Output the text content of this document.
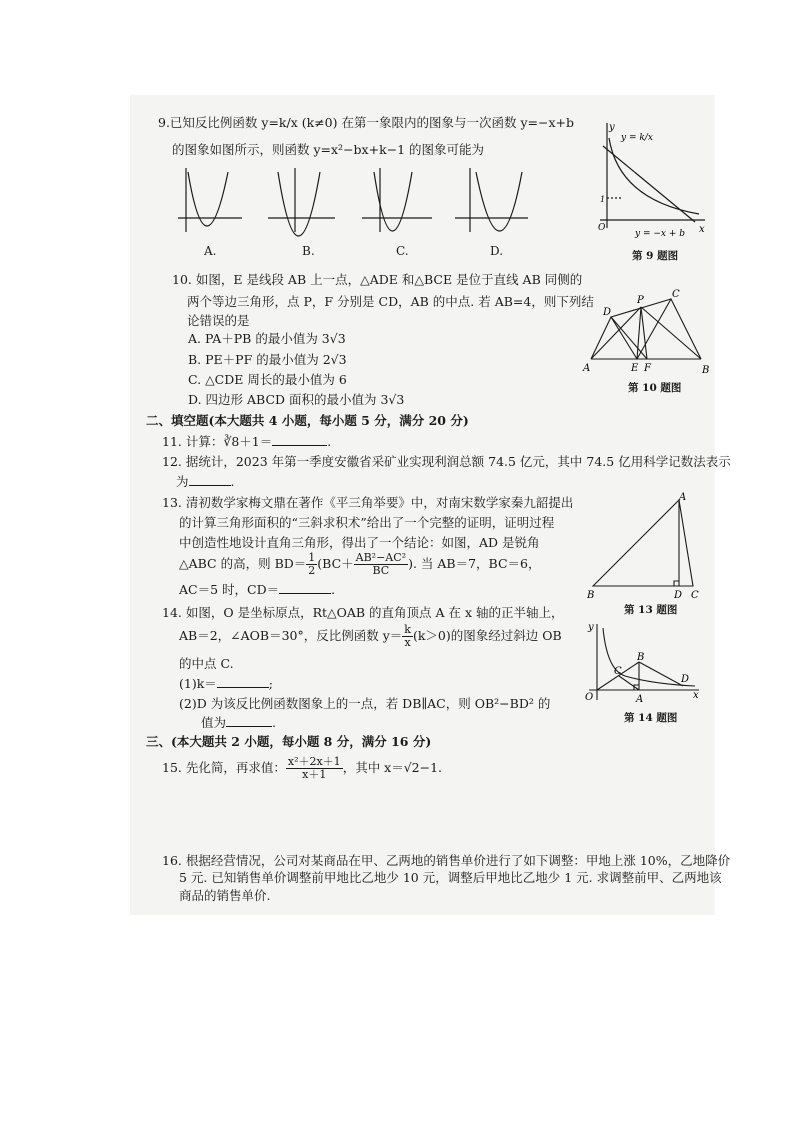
9.已知反比例函数 y=k/x (k≠0) 在第一象限内的图象与一次函数 y=−x+b
的图象如图所示，则函数 y=x²−bx+k−1 的图象可能为
A.	B.	C.	D.
y
x
O
1
y = k/x
y = −x + b
第 9 题图
10. 如图，E 是线段 AB 上一点，△ADE 和△BCE 是位于直线 AB 同侧的
两个等边三角形，点 P，F 分别是 CD，AB 的中点. 若 AB=4，则下列结
论错误的是
A. PA＋PB 的最小值为 3√3
B. PE＋PF 的最小值为 2√3
C. △CDE 周长的最小值为 6
D. 四边形 ABCD 面积的最小值为 3√3
D
P
C
A	E F	B
第 10 题图
二、填空题(本大题共 4 小题，每小题 5 分，满分 20 分)
11. 计算：∛8＋1＝	.
12. 据统计，2023 年第一季度安徽省采矿业实现利润总额 74.5 亿元，其中 74.5 亿用科学记数法表示
为	.
13. 清初数学家梅文鼎在著作《平三角举要》中，对南宋数学家秦九韶提出
的计算三角形面积的“三斜求积术”给出了一个完整的证明，证明过程
中创造性地设计直角三角形，得出了一个结论：如图，AD 是锐角
△ABC 的高，则 $BD= \frac{1}{2} (BC+ \frac{\text{AB²−AC²}}{BC}$ ). 当 AB＝7，BC＝6，
AC＝5 时，CD＝	.
A
B	D C
第 13 题图
14. 如图，O 是坐标原点，Rt△OAB 的直角顶点 A 在 x 轴的正半轴上，
AB＝2，∠AOB＝30°，反比例函数 $y= \frac{k}{x} (k>0)$的图象经过斜边 OB
的中点 C.
(1)k＝	;
(2)D 为该反比例函数图象上的一点，若 DB∥AC，则 OB²−BD² 的
值为	.
y
x
O	A
B
C
D
第 14 题图
三、(本大题共 2 小题，每小题 8 分，满分 16 分)
15. 先化简，再求值： $\frac{\text{x²＋2x＋1}}{x+1}$ ，其中 x＝√2−1.
16. 根据经营情况，公司对某商品在甲、乙两地的销售单价进行了如下调整：甲地上涨 10%，乙地降价
5 元. 已知销售单价调整前甲地比乙地少 10 元，调整后甲地比乙地少 1 元. 求调整前甲、乙两地该
商品的销售单价.
